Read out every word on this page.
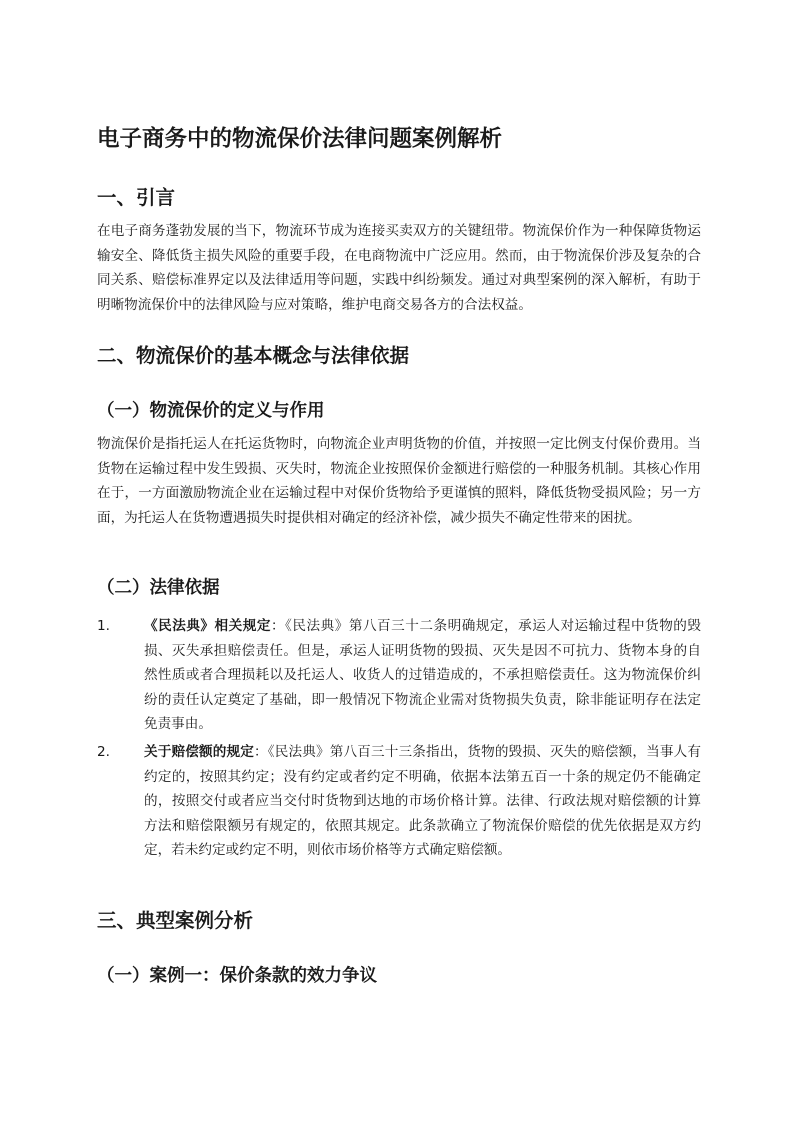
电子商务中的物流保价法律问题案例解析
一、引言

在电子商务蓬勃发展的当下，物流环节成为连接买卖双方的关键纽带。物流保价作为一种保障货物运输安全、降低货主损失风险的重要手段，在电商物流中广泛应用。然而，由于物流保价涉及复杂的合同关系、赔偿标准界定以及法律适用等问题，实践中纠纷频发。通过对典型案例的深入解析，有助于明晰物流保价中的法律风险与应对策略，维护电商交易各方的合法权益。

二、物流保价的基本概念与法律依据
（一）物流保价的定义与作用

物流保价是指托运人在托运货物时，向物流企业声明货物的价值，并按照一定比例支付保价费用。当货物在运输过程中发生毁损、灭失时，物流企业按照保价金额进行赔偿的一种服务机制。其核心作用在于，一方面激励物流企业在运输过程中对保价货物给予更谨慎的照料，降低货物受损风险；另一方面，为托运人在货物遭遇损失时提供相对确定的经济补偿，减少损失不确定性带来的困扰。

（二）法律依据
1.	《民法典》相关规定：《民法典》第八百三十二条明确规定，承运人对运输过程中货物的毁损、灭失承担赔偿责任。但是，承运人证明货物的毁损、灭失是因不可抗力、货物本身的自然性质或者合理损耗以及托运人、收货人的过错造成的，不承担赔偿责任。这为物流保价纠纷的责任认定奠定了基础，即一般情况下物流企业需对货物损失负责，除非能证明存在法定免责事由。

2.	关于赔偿额的规定：《民法典》第八百三十三条指出，货物的毁损、灭失的赔偿额，当事人有约定的，按照其约定；没有约定或者约定不明确，依据本法第五百一十条的规定仍不能确定的，按照交付或者应当交付时货物到达地的市场价格计算。法律、行政法规对赔偿额的计算方法和赔偿限额另有规定的，依照其规定。此条款确立了物流保价赔偿的优先依据是双方约定，若未约定或约定不明，则依市场价格等方式确定赔偿额。

三、典型案例分析
（一）案例一：保价条款的效力争议
